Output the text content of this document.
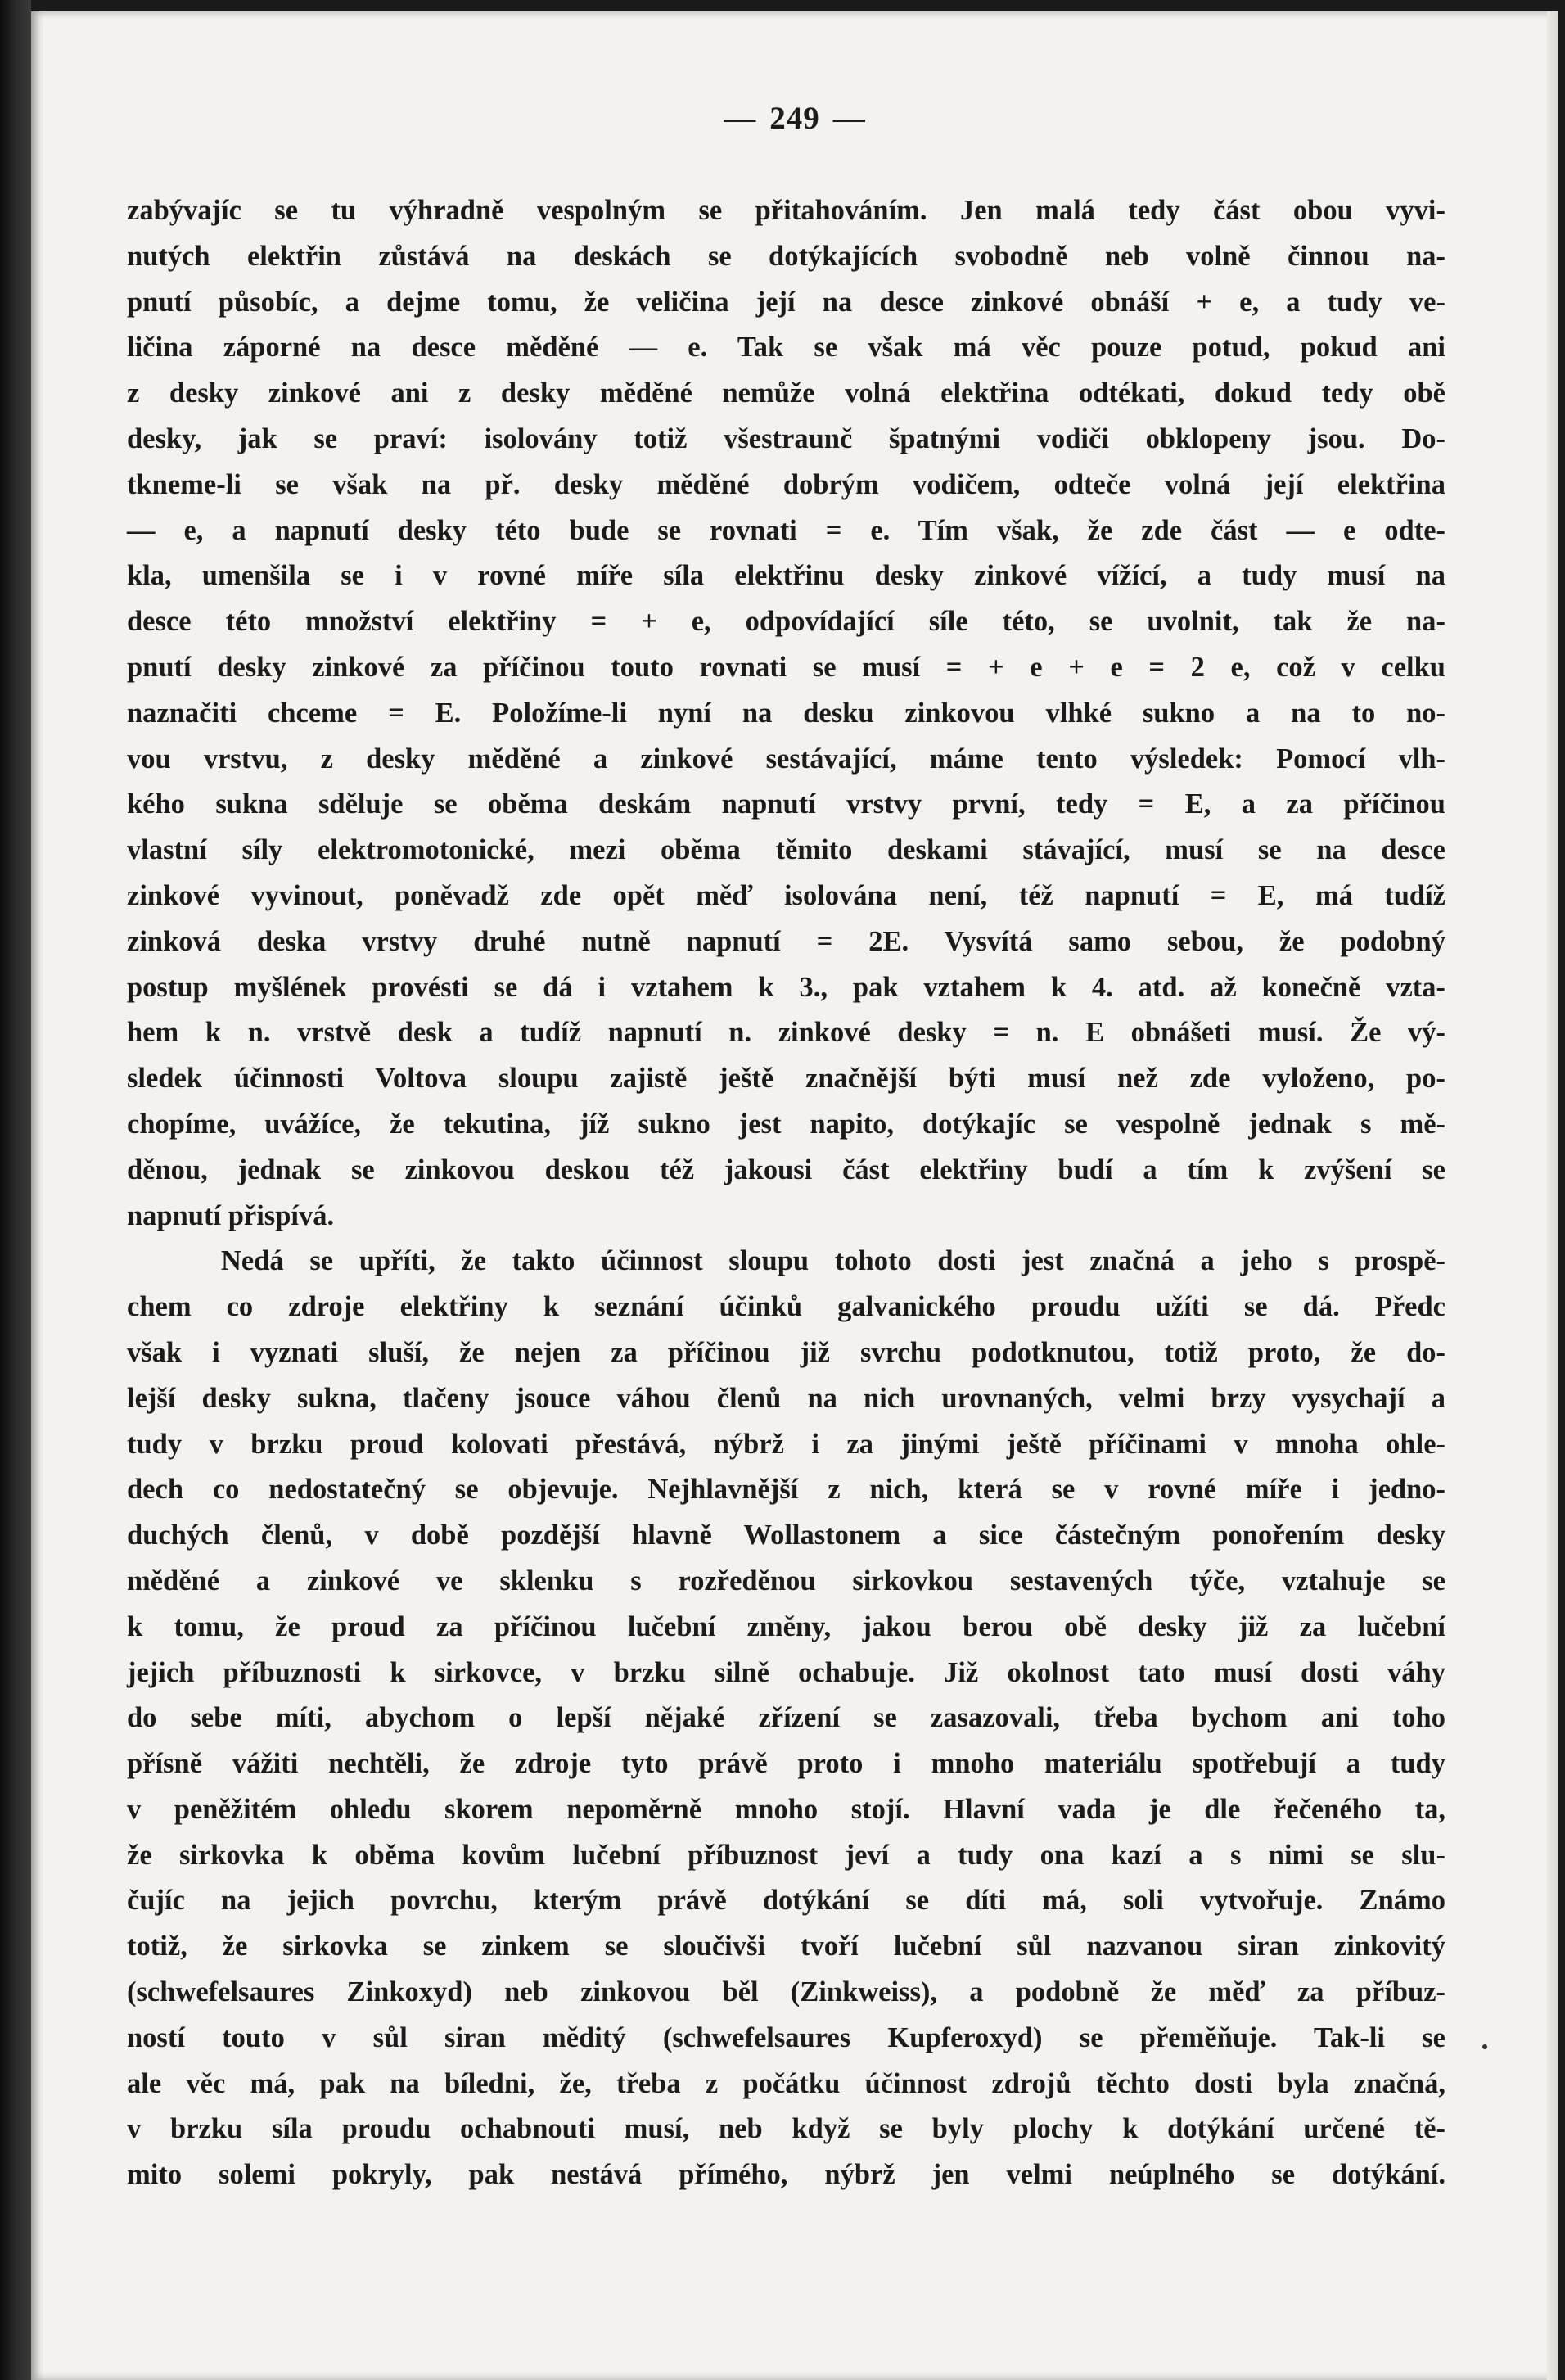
— 249 —
zabývajíc se tu výhradně vespolným se přitahováním. Jen malá tedy část obou vyvi-
nutých elektřin zůstává na deskách se dotýkajících svobodně neb volně činnou na-
pnutí působíc, a dejme tomu, že veličina její na desce zinkové obnáší + e, a tudy ve-
ličina záporné na desce měděné — e. Tak se však má věc pouze potud, pokud ani
z desky zinkové ani z desky měděné nemůže volná elektřina odtékati, dokud tedy obě
desky, jak se praví: isolovány totiž všestraunč špatnými vodiči obklopeny jsou. Do-
tkneme-li se však na př. desky měděné dobrým vodičem, odteče volná její elektřina
— e, a napnutí desky této bude se rovnati = e. Tím však, že zde část — e odte-
kla, umenšila se i v rovné míře síla elektřinu desky zinkové vížící, a tudy musí na
desce této množství elektřiny = + e, odpovídající síle této, se uvolnit, tak že na-
pnutí desky zinkové za příčinou touto rovnati se musí = + e + e = 2 e, což v celku
naznačiti chceme = E. Položíme-li nyní na desku zinkovou vlhké sukno a na to no-
vou vrstvu, z desky měděné a zinkové sestávající, máme tento výsledek: Pomocí vlh-
kého sukna sděluje se oběma deskám napnutí vrstvy první, tedy = E, a za příčinou
vlastní síly elektromotonické, mezi oběma těmito deskami stávající, musí se na desce
zinkové vyvinout, poněvadž zde opět měď isolována není, též napnutí = E, má tudíž
zinková deska vrstvy druhé nutně napnutí = 2E. Vysvítá samo sebou, že podobný
postup myšlének provésti se dá i vztahem k 3., pak vztahem k 4. atd. až konečně vzta-
hem k n. vrstvě desk a tudíž napnutí n. zinkové desky = n. E obnášeti musí. Že vý-
sledek účinnosti Voltova sloupu zajistě ještě značnější býti musí než zde vyloženo, po-
chopíme, uvážíce, že tekutina, jíž sukno jest napito, dotýkajíc se vespolně jednak s mě-
děnou, jednak se zinkovou deskou též jakousi část elektřiny budí a tím k zvýšení se
napnutí přispívá.
Nedá se upříti, že takto účinnost sloupu tohoto dosti jest značná a jeho s prospě-
chem co zdroje elektřiny k seznání účinků galvanického proudu užíti se dá. Předc
však i vyznati sluší, že nejen za příčinou již svrchu podotknutou, totiž proto, že do-
lejší desky sukna, tlačeny jsouce váhou členů na nich urovnaných, velmi brzy vysychají a
tudy v brzku proud kolovati přestává, nýbrž i za jinými ještě příčinami v mnoha ohle-
dech co nedostatečný se objevuje. Nejhlavnější z nich, která se v rovné míře i jedno-
duchých členů, v době pozdější hlavně Wollastonem a sice částečným ponořením desky
měděné a zinkové ve sklenku s rozředěnou sirkovkou sestavených týče, vztahuje se
k tomu, že proud za příčinou lučební změny, jakou berou obě desky již za lučební
jejich příbuznosti k sirkovce, v brzku silně ochabuje. Již okolnost tato musí dosti váhy
do sebe míti, abychom o lepší nějaké zřízení se zasazovali, třeba bychom ani toho
přísně vážiti nechtěli, že zdroje tyto právě proto i mnoho materiálu spotřebují a tudy
v peněžitém ohledu skorem nepoměrně mnoho stojí. Hlavní vada je dle řečeného ta,
že sirkovka k oběma kovům lučební příbuznost jeví a tudy ona kazí a s nimi se slu-
čujíc na jejich povrchu, kterým právě dotýkání se díti má, soli vytvořuje. Známo
totiž, že sirkovka se zinkem se sloučivši tvoří lučební sůl nazvanou siran zinkovitý
(schwefelsaures Zinkoxyd) neb zinkovou běl (Zinkweiss), a podobně že měď za příbuz-
ností touto v sůl siran měditý (schwefelsaures Kupferoxyd) se přeměňuje. Tak-li se
ale věc má, pak na bíledni, že, třeba z počátku účinnost zdrojů těchto dosti byla značná,
v brzku síla proudu ochabnouti musí, neb když se byly plochy k dotýkání určené tě-
mito solemi pokryly, pak nestává přímého, nýbrž jen velmi neúplného se dotýkání.
